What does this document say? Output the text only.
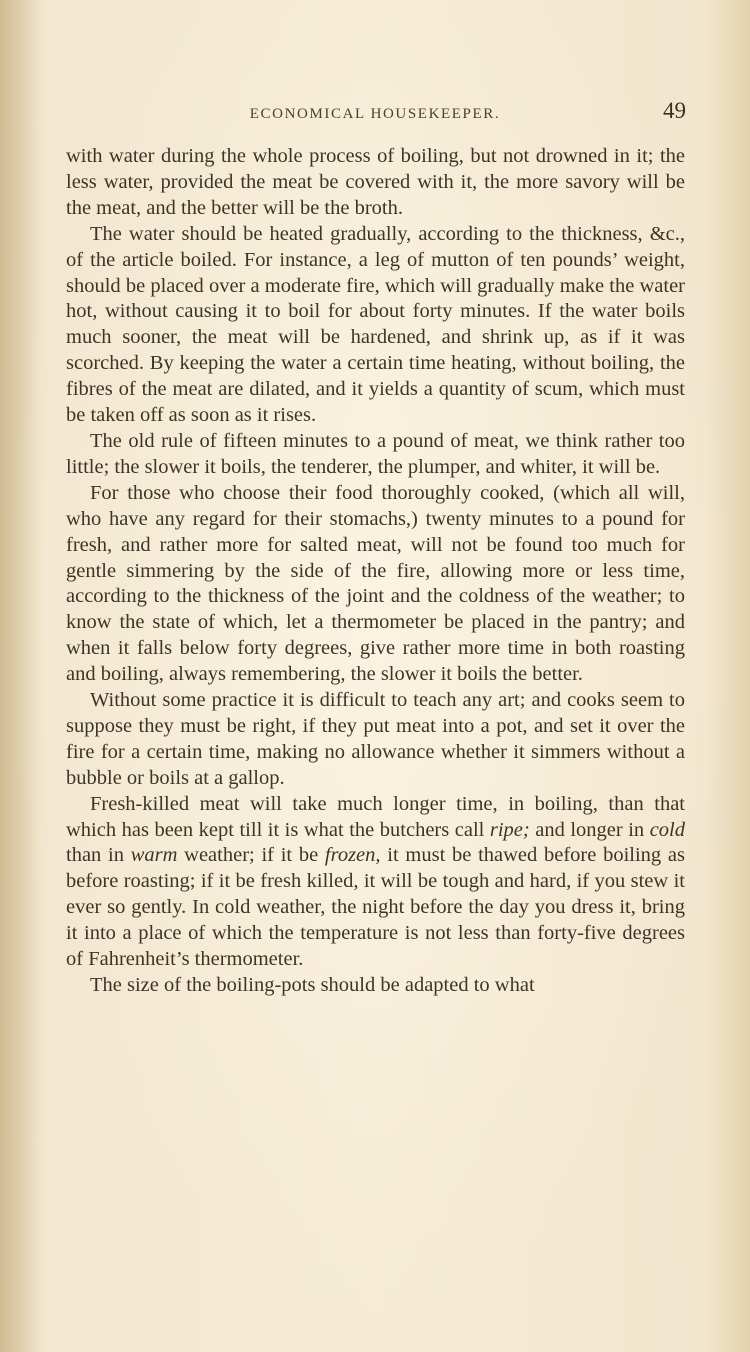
ECONOMICAL HOUSEKEEPER.	49

with water during the whole process of boiling, but not drowned in it; the less water, provided the meat be covered with it, the more savory will be the meat, and the better will be the broth.

The water should be heated gradually, according to the thickness, &c., of the article boiled. For instance, a leg of mutton of ten pounds’ weight, should be placed over a moderate fire, which will gradually make the water hot, without causing it to boil for about forty minutes. If the water boils much sooner, the meat will be hardened, and shrink up, as if it was scorched. By keeping the water a certain time heating, without boiling, the fibres of the meat are dilated, and it yields a quantity of scum, which must be taken off as soon as it rises.

The old rule of fifteen minutes to a pound of meat, we think rather too little; the slower it boils, the tenderer, the plumper, and whiter, it will be.

For those who choose their food thoroughly cooked, (which all will, who have any regard for their stomachs,) twenty minutes to a pound for fresh, and rather more for salted meat, will not be found too much for gentle simmering by the side of the fire, allowing more or less time, according to the thickness of the joint and the coldness of the weather; to know the state of which, let a thermometer be placed in the pantry; and when it falls below forty degrees, give rather more time in both roasting and boiling, always remembering, the slower it boils the better.

Without some practice it is difficult to teach any art; and cooks seem to suppose they must be right, if they put meat into a pot, and set it over the fire for a certain time, making no allowance whether it simmers without a bubble or boils at a gallop.

Fresh-killed meat will take much longer time, in boiling, than that which has been kept till it is what the butchers call ripe; and longer in cold than in warm weather; if it be frozen, it must be thawed before boiling as before roasting; if it be fresh killed, it will be tough and hard, if you stew it ever so gently. In cold weather, the night before the day you dress it, bring it into a place of which the temperature is not less than forty-five degrees of Fahrenheit’s thermometer.

The size of the boiling-pots should be adapted to what
